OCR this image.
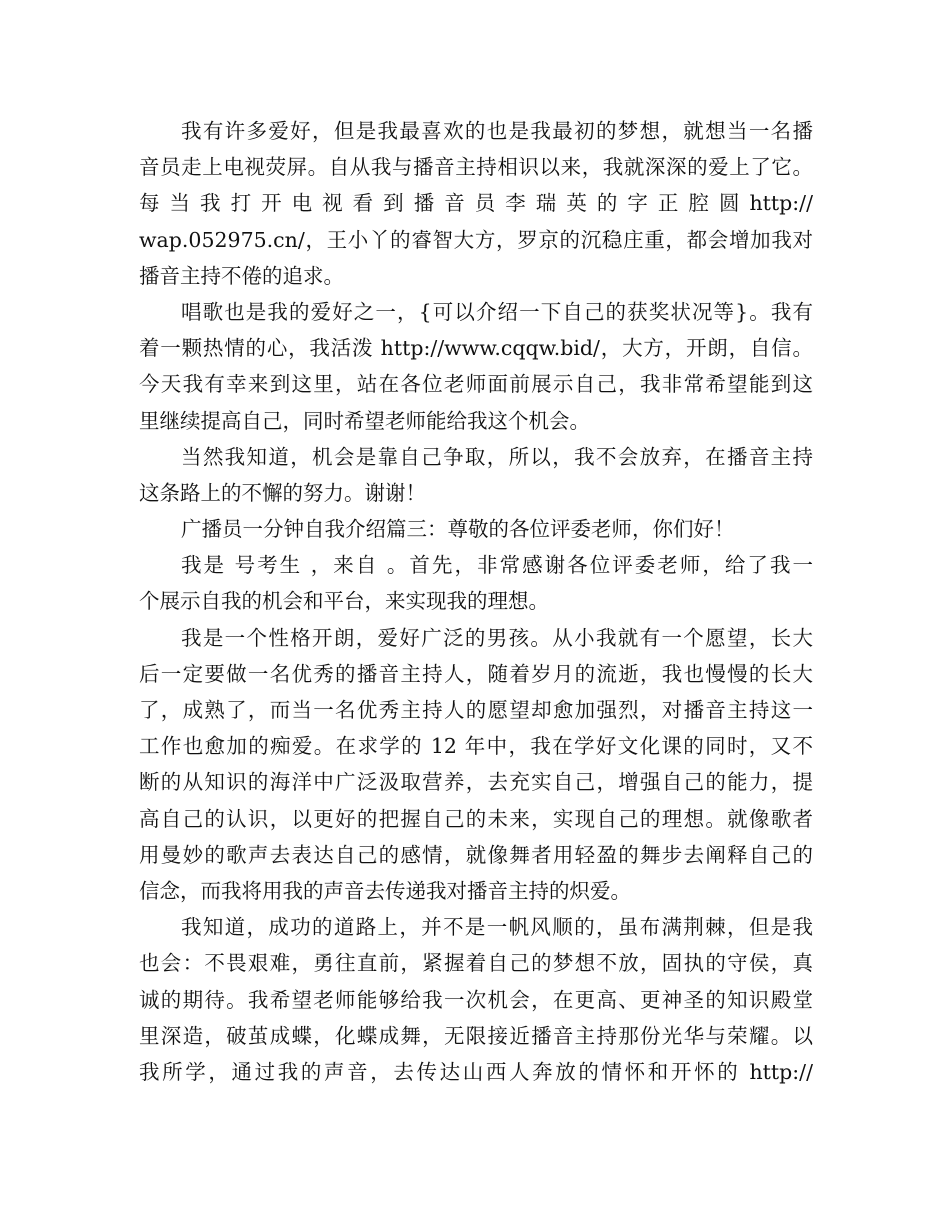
我有许多爱好，但是我最喜欢的也是我最初的梦想，就想当一名播
音员走上电视荧屏。自从我与播音主持相识以来，我就深深的爱上了它。
每 当 我 打 开 电 视 看 到 播 音 员 李 瑞 英 的 字 正 腔 圆 http://
wap.052975.cn/，王小丫的睿智大方，罗京的沉稳庄重，都会增加我对
播音主持不倦的追求。
唱歌也是我的爱好之一，{可以介绍一下自己的获奖状况等}。我有
着一颗热情的心，我活泼 http://www.cqqw.bid/，大方，开朗，自信。
今天我有幸来到这里，站在各位老师面前展示自己，我非常希望能到这
里继续提高自己，同时希望老师能给我这个机会。
当然我知道，机会是靠自己争取，所以，我不会放弃，在播音主持
这条路上的不懈的努力。谢谢！
广播员一分钟自我介绍篇三：尊敬的各位评委老师，你们好！
我是 号考生 ，来自 。首先，非常感谢各位评委老师，给了我一
个展示自我的机会和平台，来实现我的理想。
我是一个性格开朗，爱好广泛的男孩。从小我就有一个愿望，长大
后一定要做一名优秀的播音主持人，随着岁月的流逝，我也慢慢的长大
了，成熟了，而当一名优秀主持人的愿望却愈加强烈，对播音主持这一
工作也愈加的痴爱。在求学的 12 年中，我在学好文化课的同时，又不
断的从知识的海洋中广泛汲取营养，去充实自己，增强自己的能力，提
高自己的认识，以更好的把握自己的未来，实现自己的理想。就像歌者
用曼妙的歌声去表达自己的感情，就像舞者用轻盈的舞步去阐释自己的
信念，而我将用我的声音去传递我对播音主持的炽爱。
我知道，成功的道路上，并不是一帆风顺的，虽布满荆棘，但是我
也会：不畏艰难，勇往直前，紧握着自己的梦想不放，固执的守侯，真
诚的期待。我希望老师能够给我一次机会，在更高、更神圣的知识殿堂
里深造，破茧成蝶，化蝶成舞，无限接近播音主持那份光华与荣耀。以
我所学，通过我的声音，去传达山西人奔放的情怀和开怀的 http://
